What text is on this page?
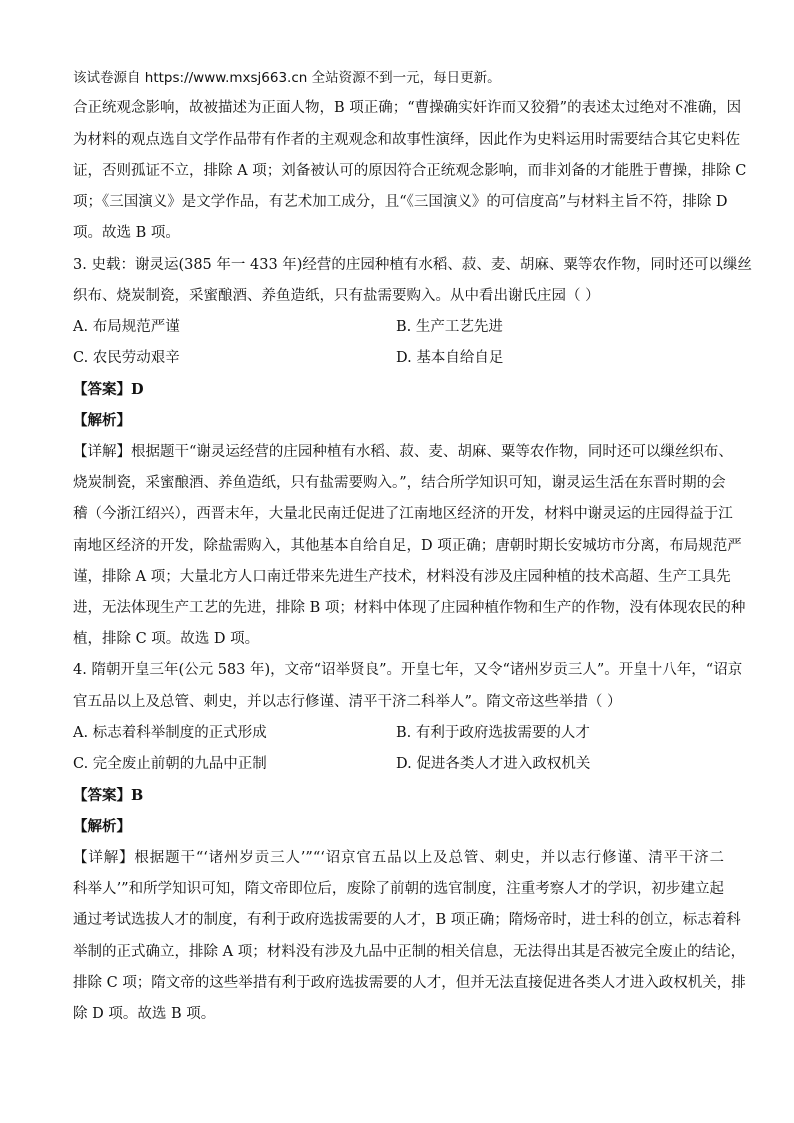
该试卷源自 https://www.mxsj663.cn 全站资源不到一元，每日更新。
合正统观念影响，故被描述为正面人物，B 项正确；“曹操确实奸诈而又狡猾”的表述太过绝对不准确，因
为材料的观点选自文学作品带有作者的主观观念和故事性演绎，因此作为史料运用时需要结合其它史料佐
证，否则孤证不立，排除 A 项；刘备被认可的原因符合正统观念影响，而非刘备的才能胜于曹操，排除 C
项；《三国演义》是文学作品，有艺术加工成分，且“《三国演义》的可信度高”与材料主旨不符，排除 D
项。故选 B 项。
3. 史载：谢灵运(385 年一 433 年)经营的庄园种植有水稻、菽、麦、胡麻、粟等农作物，同时还可以缫丝
织布、烧炭制瓷，采蜜酿酒、养鱼造纸，只有盐需要购入。从中看出谢氏庄园（ ）
A. 布局规范严谨	B. 生产工艺先进
C. 农民劳动艰辛	D. 基本自给自足
【答案】D
【解析】
【详解】根据题干“谢灵运经营的庄园种植有水稻、菽、麦、胡麻、粟等农作物，同时还可以缫丝织布、
烧炭制瓷，采蜜酿酒、养鱼造纸，只有盐需要购入。”，结合所学知识可知，谢灵运生活在东晋时期的会
稽（今浙江绍兴），西晋末年，大量北民南迁促进了江南地区经济的开发，材料中谢灵运的庄园得益于江
南地区经济的开发，除盐需购入，其他基本自给自足，D 项正确；唐朝时期长安城坊市分离，布局规范严
谨，排除 A 项；大量北方人口南迁带来先进生产技术，材料没有涉及庄园种植的技术高超、生产工具先
进，无法体现生产工艺的先进，排除 B 项；材料中体现了庄园种植作物和生产的作物，没有体现农民的种
植，排除 C 项。故选 D 项。
4. 隋朝开皇三年(公元 583 年)，文帝“诏举贤良”。开皇七年，又令“诸州岁贡三人”。开皇十八年，“诏京
官五品以上及总管、刺史，并以志行修谨、清平干济二科举人”。隋文帝这些举措（ ）
A. 标志着科举制度的正式形成	B. 有利于政府选拔需要的人才
C. 完全废止前朝的九品中正制	D. 促进各类人才进入政权机关
【答案】B
【解析】
【详解】根据题干“‘诸州岁贡三人’”“‘诏京官五品以上及总管、刺史，并以志行修谨、清平干济二
科举人’”和所学知识可知，隋文帝即位后，废除了前朝的选官制度，注重考察人才的学识，初步建立起
通过考试选拔人才的制度，有利于政府选拔需要的人才，B 项正确；隋炀帝时，进士科的创立，标志着科
举制的正式确立，排除 A 项；材料没有涉及九品中正制的相关信息，无法得出其是否被完全废止的结论，
排除 C 项；隋文帝的这些举措有利于政府选拔需要的人才，但并无法直接促进各类人才进入政权机关，排
除 D 项。故选 B 项。
